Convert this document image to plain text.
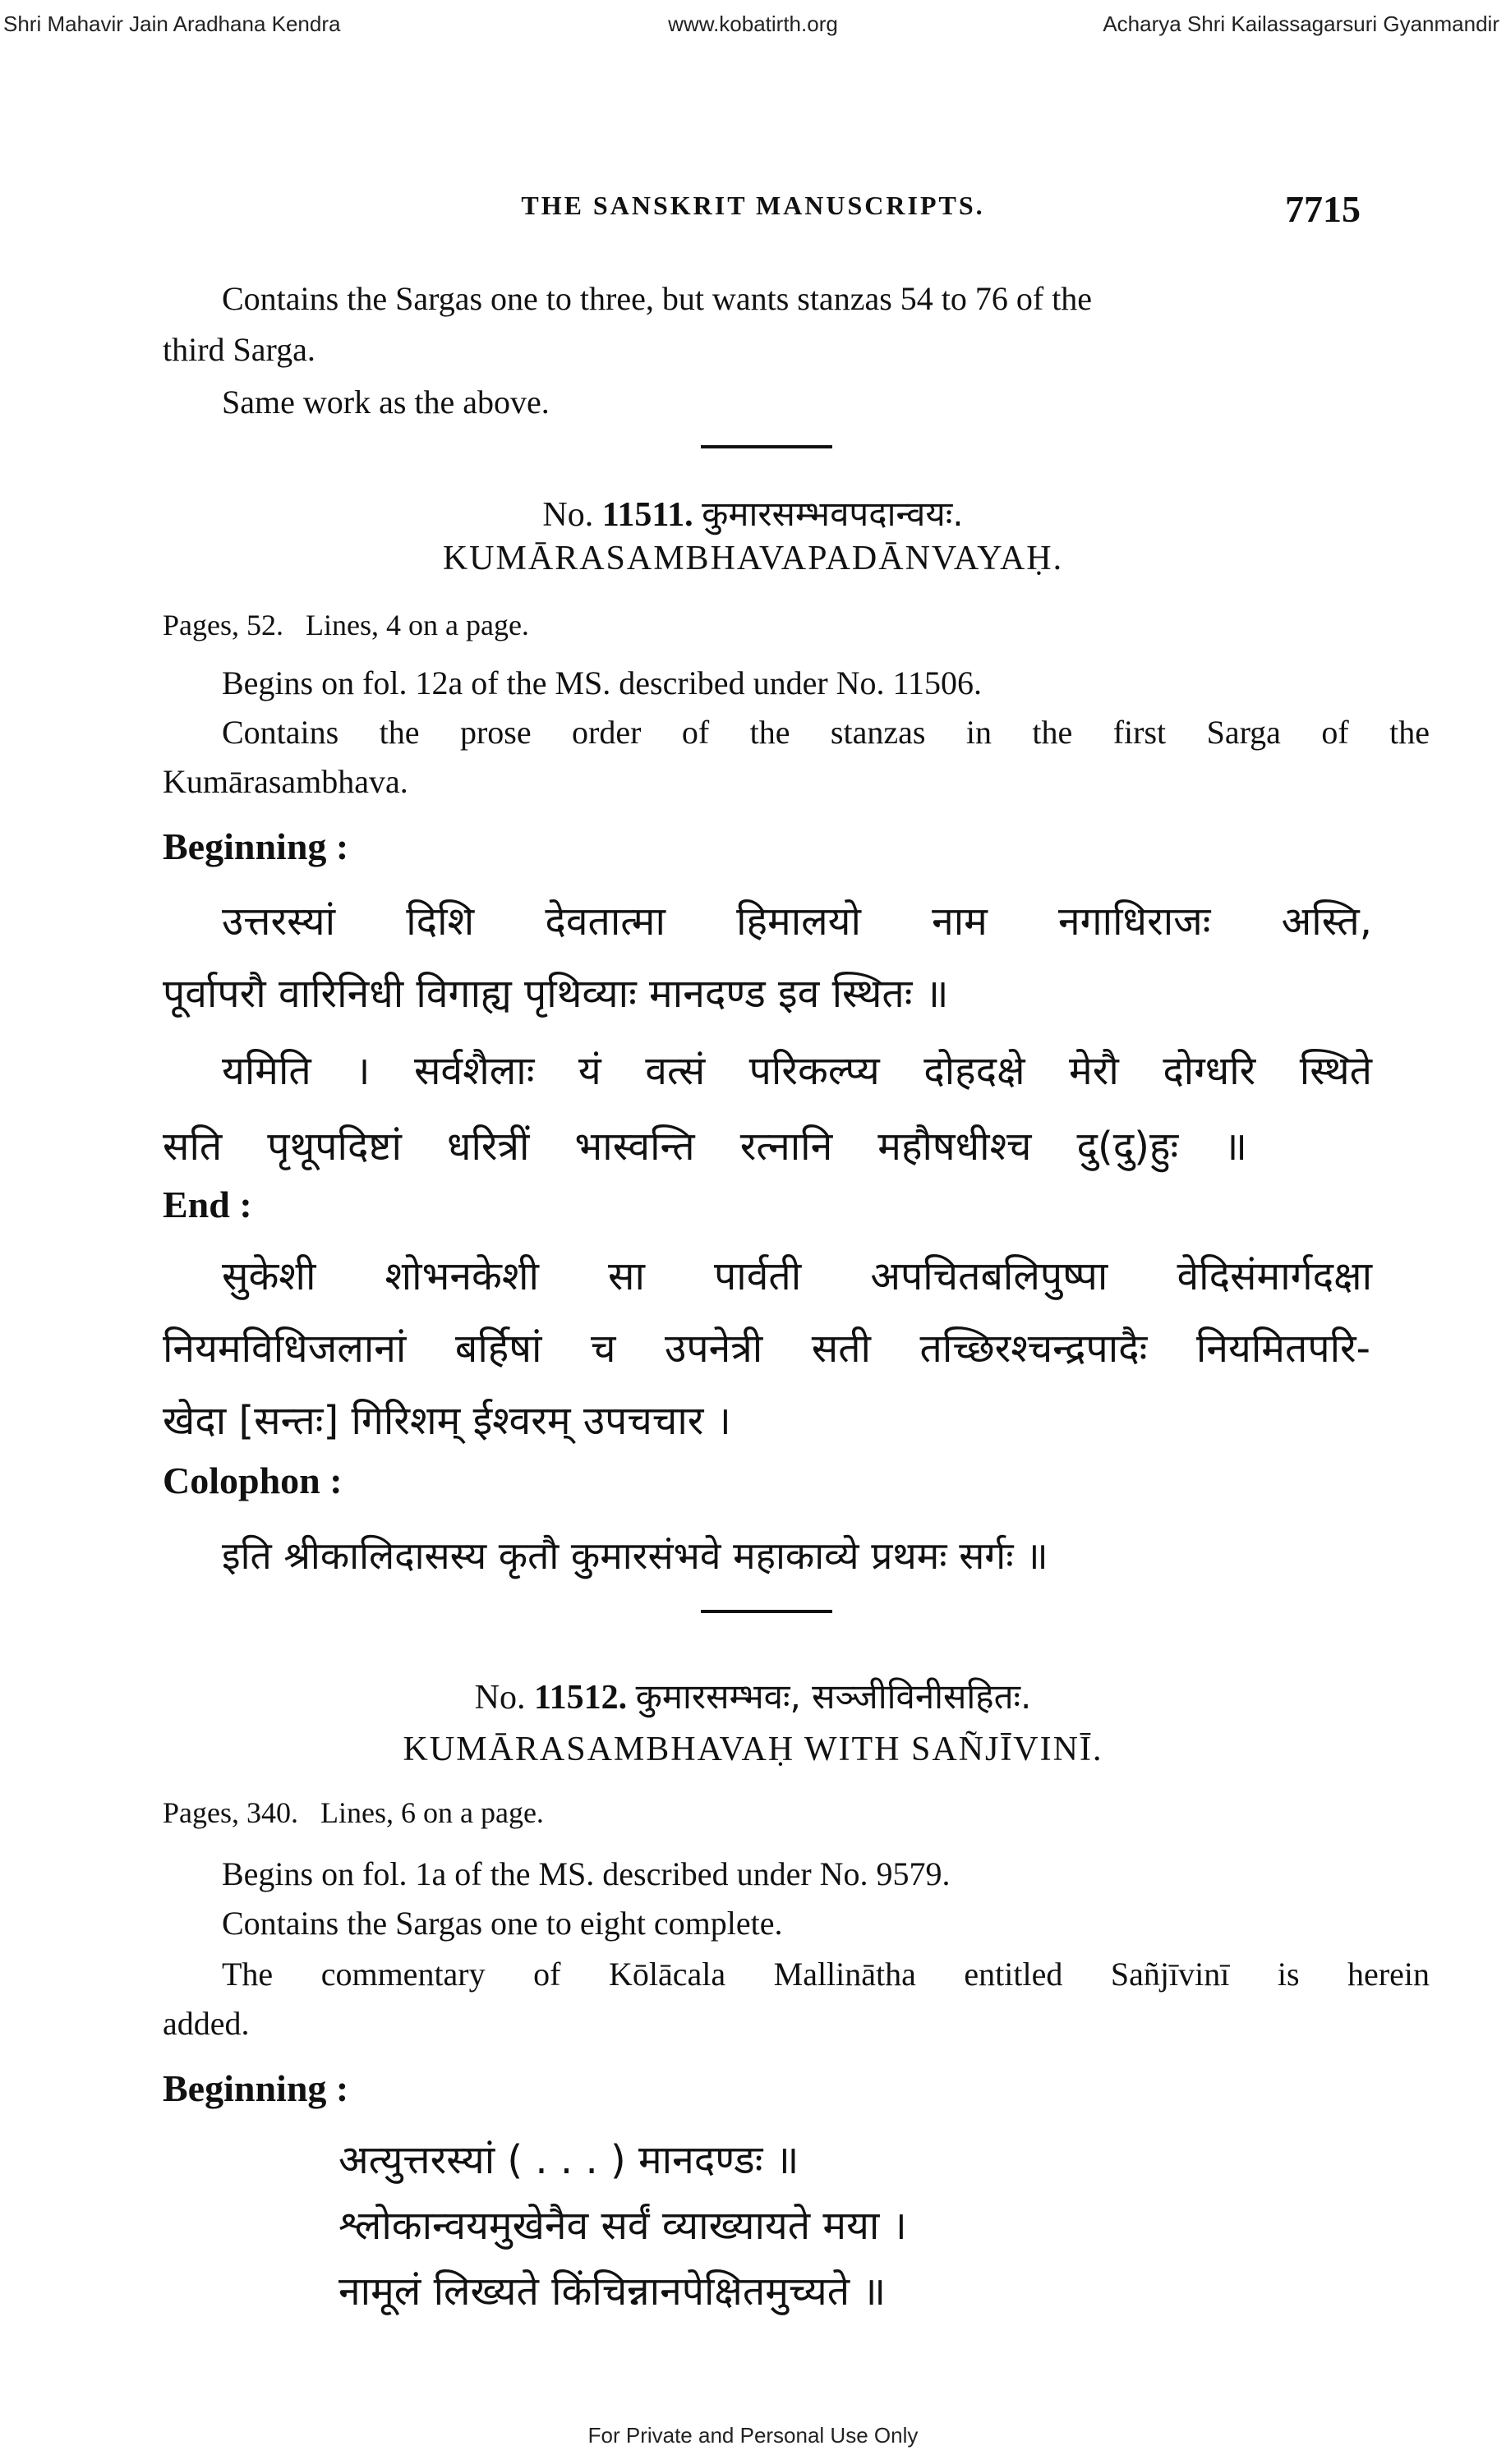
Shri Mahavir Jain Aradhana Kendra	www.kobatirth.org	Acharya Shri Kailassagarsuri Gyanmandir
THE SANSKRIT MANUSCRIPTS.	7715
Contains the Sargas one to three, but wants stanzas 54 to 76 of the
third Sarga.
Same work as the above.
No. 11511. कुमारसम्भवपदान्वयः.
KUMĀRASAMBHAVAPADĀNVAYAḤ.
Pages, 52. Lines, 4 on a page.
Begins on fol. 12a of the MS. described under No. 11506.
Contains the prose order of the stanzas in the first Sarga of the
Kumārasambhava.
Beginning :
उत्तरस्यां दिशि देवतात्मा हिमालयो नाम नगाधिराजः अस्ति,
पूर्वापरौ वारिनिधी विगाह्य पृथिव्याः मानदण्ड इव स्थितः ॥
यमिति । सर्वशैलाः यं वत्सं परिकल्प्य दोहदक्षे मेरौ दोग्धरि स्थिते
सति पृथूपदिष्टां धरित्रीं भास्वन्ति रत्नानि महौषधीश्च दु(दु)हुः ॥
End :
सुकेशी शोभनकेशी सा पार्वती अपचितबलिपुष्पा वेदिसंमार्गदक्षा
नियमविधिजलानां बर्हिषां च उपनेत्री सती तच्छिरश्चन्द्रपादैः नियमितपरि-
खेदा [सन्तः] गिरिशम् ईश्वरम् उपचचार ।
Colophon :
इति श्रीकालिदासस्य कृतौ कुमारसंभवे महाकाव्ये प्रथमः सर्गः ॥
No. 11512. कुमारसम्भवः, सञ्जीविनीसहितः.
KUMĀRASAMBHAVAḤ WITH SAÑJĪVINĪ.
Pages, 340. Lines, 6 on a page.
Begins on fol. 1a of the MS. described under No. 9579.
Contains the Sargas one to eight complete.
The commentary of Kōlācala Mallinātha entitled Sañjīvinī is herein
added.
Beginning :
अत्युत्तरस्यां ( . . . ) मानदण्डः ॥
श्लोकान्वयमुखेनैव सर्वं व्याख्यायते मया ।
नामूलं लिख्यते किंचिन्नानपेक्षितमुच्यते ॥
For Private and Personal Use Only
